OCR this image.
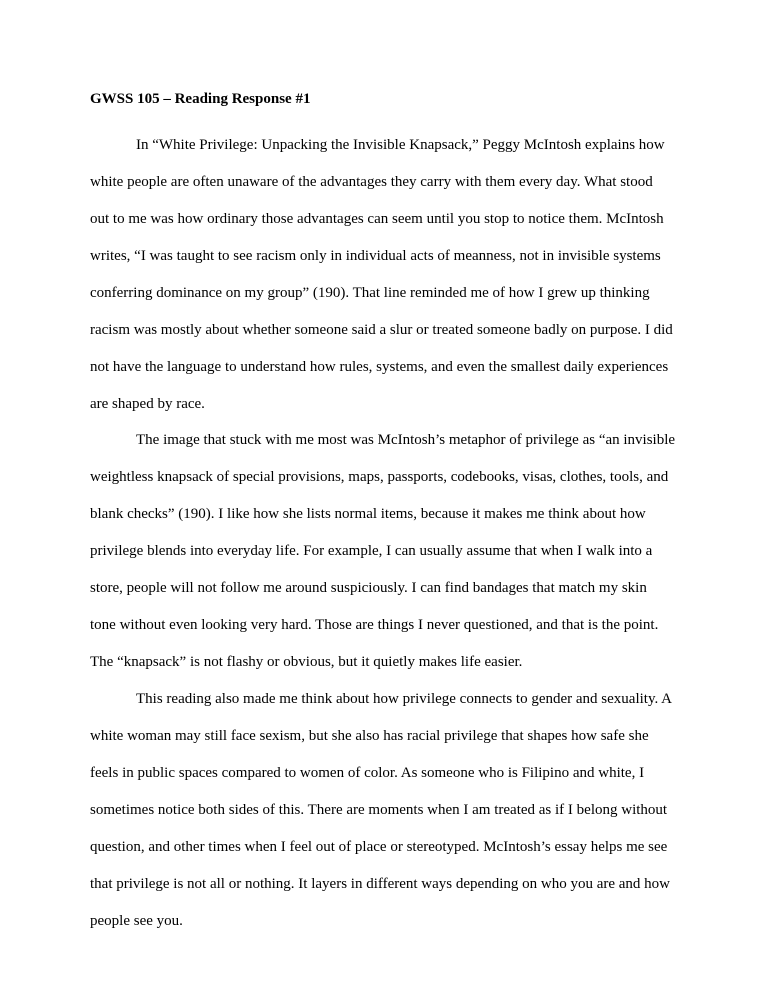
GWSS 105 – Reading Response #1
In “White Privilege: Unpacking the Invisible Knapsack,” Peggy McIntosh explains how
white people are often unaware of the advantages they carry with them every day. What stood
out to me was how ordinary those advantages can seem until you stop to notice them. McIntosh
writes, “I was taught to see racism only in individual acts of meanness, not in invisible systems
conferring dominance on my group” (190). That line reminded me of how I grew up thinking
racism was mostly about whether someone said a slur or treated someone badly on purpose. I did
not have the language to understand how rules, systems, and even the smallest daily experiences
are shaped by race.
The image that stuck with me most was McIntosh’s metaphor of privilege as “an invisible
weightless knapsack of special provisions, maps, passports, codebooks, visas, clothes, tools, and
blank checks” (190). I like how she lists normal items, because it makes me think about how
privilege blends into everyday life. For example, I can usually assume that when I walk into a
store, people will not follow me around suspiciously. I can find bandages that match my skin
tone without even looking very hard. Those are things I never questioned, and that is the point.
The “knapsack” is not flashy or obvious, but it quietly makes life easier.
This reading also made me think about how privilege connects to gender and sexuality. A
white woman may still face sexism, but she also has racial privilege that shapes how safe she
feels in public spaces compared to women of color. As someone who is Filipino and white, I
sometimes notice both sides of this. There are moments when I am treated as if I belong without
question, and other times when I feel out of place or stereotyped. McIntosh’s essay helps me see
that privilege is not all or nothing. It layers in different ways depending on who you are and how
people see you.
